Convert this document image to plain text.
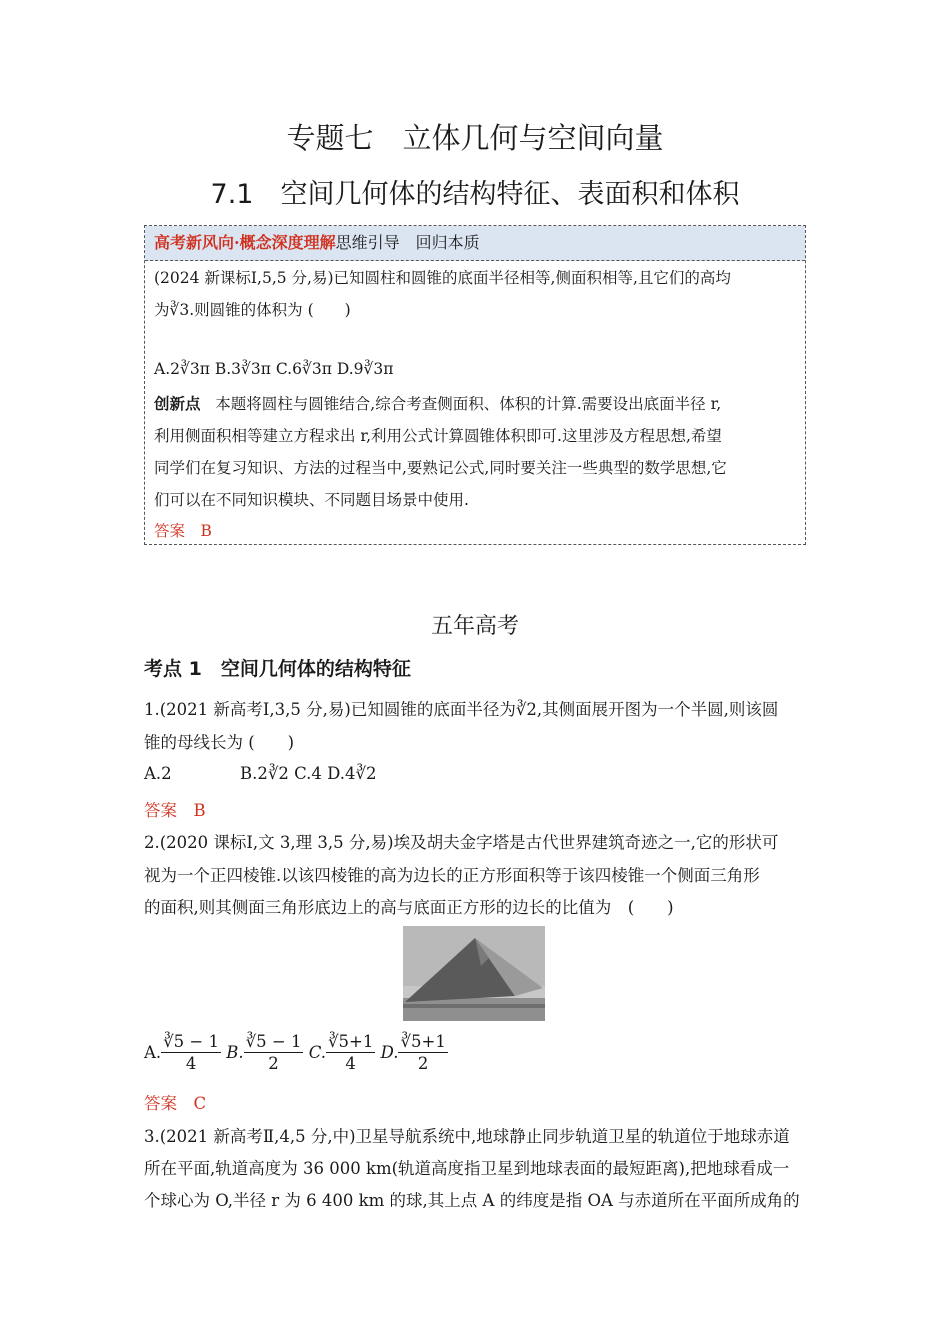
专题七　立体几何与空间向量
7.1　空间几何体的结构特征、表面积和体积
高考新风向·概念深度理解思维引导　回归本质
(2024 新课标Ⅰ,5,5 分,易)已知圆柱和圆锥的底面半径相等,侧面积相等,且它们的高均
为∛3.则圆锥的体积为 (　　)
A.2∛3π B.3∛3π C.6∛3π D.9∛3π
创新点 本题将圆柱与圆锥结合,综合考查侧面积、体积的计算.需要设出底面半径 r,
利用侧面积相等建立方程求出 r,利用公式计算圆锥体积即可.这里涉及方程思想,希望
同学们在复习知识、方法的过程当中,要熟记公式,同时要关注一些典型的数学思想,它
们可以在不同知识模块、不同题目场景中使用.
答案　B
五年高考
考点 1　空间几何体的结构特征
1.(2021 新高考Ⅰ,3,5 分,易)已知圆锥的底面半径为∛2,其侧面展开图为一个半圆,则该圆
锥的母线长为 (　　)
A.2	B.2∛2 C.4 D.4∛2
答案　B
2.(2020 课标Ⅰ,文 3,理 3,5 分,易)埃及胡夫金字塔是古代世界建筑奇迹之一,它的形状可
视为一个正四棱锥.以该四棱锥的高为边长的正方形面积等于该四棱锥一个侧面三角形
的面积,则其侧面三角形底边上的高与底面正方形的边长的比值为　(　　)
A. $\frac{∛5 - 1}{4} B$. $\frac{∛5 - 1}{2} C$. $\frac{∛5+1}{4} D$. $\frac{∛5+1}{2}$
答案　C
3.(2021 新高考Ⅱ,4,5 分,中)卫星导航系统中,地球静止同步轨道卫星的轨道位于地球赤道
所在平面,轨道高度为 36 000 km(轨道高度指卫星到地球表面的最短距离),把地球看成一
个球心为 O,半径 r 为 6 400 km 的球,其上点 A 的纬度是指 OA 与赤道所在平面所成角的
